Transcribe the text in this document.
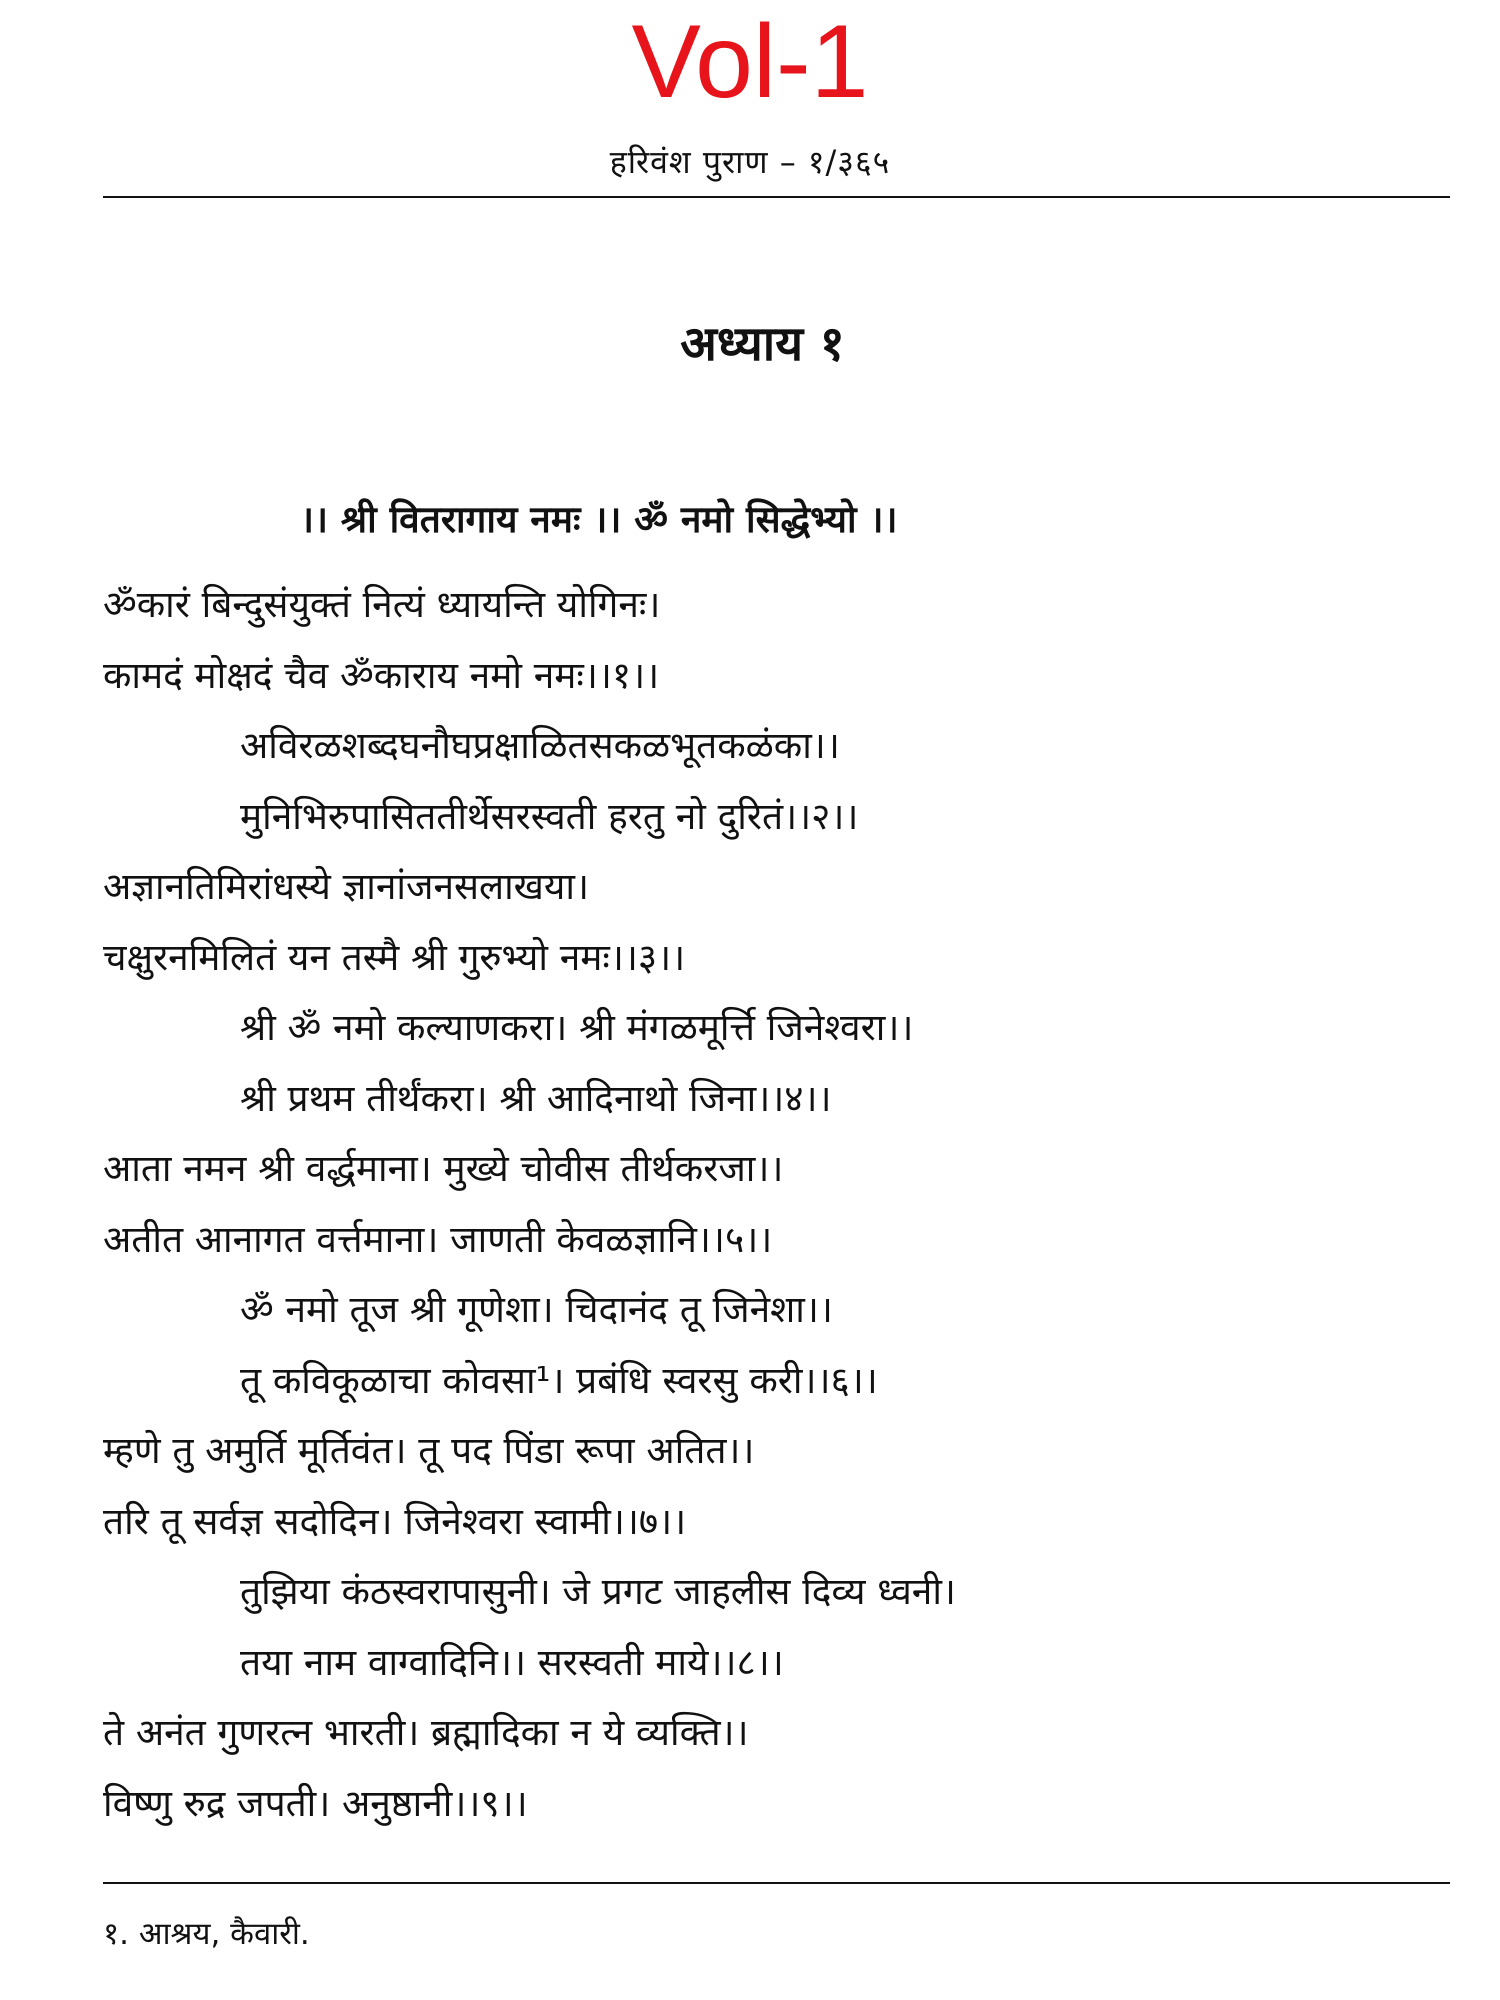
Vol-1
हरिवंश पुराण – १/३६५
अध्याय १
।। श्री वितरागाय नमः ।। ॐ नमो सिद्धेभ्यो ।।
ॐकारं बिन्दुसंयुक्तं नित्यं ध्यायन्ति योगिनः।
कामदं मोक्षदं चैव ॐकाराय नमो नमः।।१।।
अविरळशब्दघनौघप्रक्षाळितसकळभूतकळंका।।
मुनिभिरुपासिततीर्थेसरस्वती हरतु नो दुरितं।।२।।
अज्ञानतिमिरांधस्ये ज्ञानांजनसलाखया।
चक्षुरनमिलितं यन तस्मै श्री गुरुभ्यो नमः।।३।।
श्री ॐ नमो कल्याणकरा। श्री मंगळमूर्त्ति जिनेश्वरा।।
श्री प्रथम तीर्थंकरा। श्री आदिनाथो जिना।।४।।
आता नमन श्री वर्द्धमाना। मुख्ये चोवीस तीर्थकरजा।।
अतीत आनागत वर्त्तमाना। जाणती केवळज्ञानि।।५।।
ॐ नमो तूज श्री गूणेशा। चिदानंद तू जिनेशा।।
तू कविकूळाचा कोवसा¹। प्रबंधि स्वरसु करी।।६।।
म्हणे तु अमुर्ति मूर्तिवंत। तू पद पिंडा रूपा अतित।।
तरि तू सर्वज्ञ सदोदिन। जिनेश्वरा स्वामी।।७।।
तुझिया कंठस्वरापासुनी। जे प्रगट जाहलीस दिव्य ध्वनी।
तया नाम वाग्वादिनि।। सरस्वती माये।।८।।
ते अनंत गुणरत्न भारती। ब्रह्मादिका न ये व्यक्ति।।
विष्णु रुद्र जपती। अनुष्ठानी।।९।।
१. आश्रय, कैवारी.
